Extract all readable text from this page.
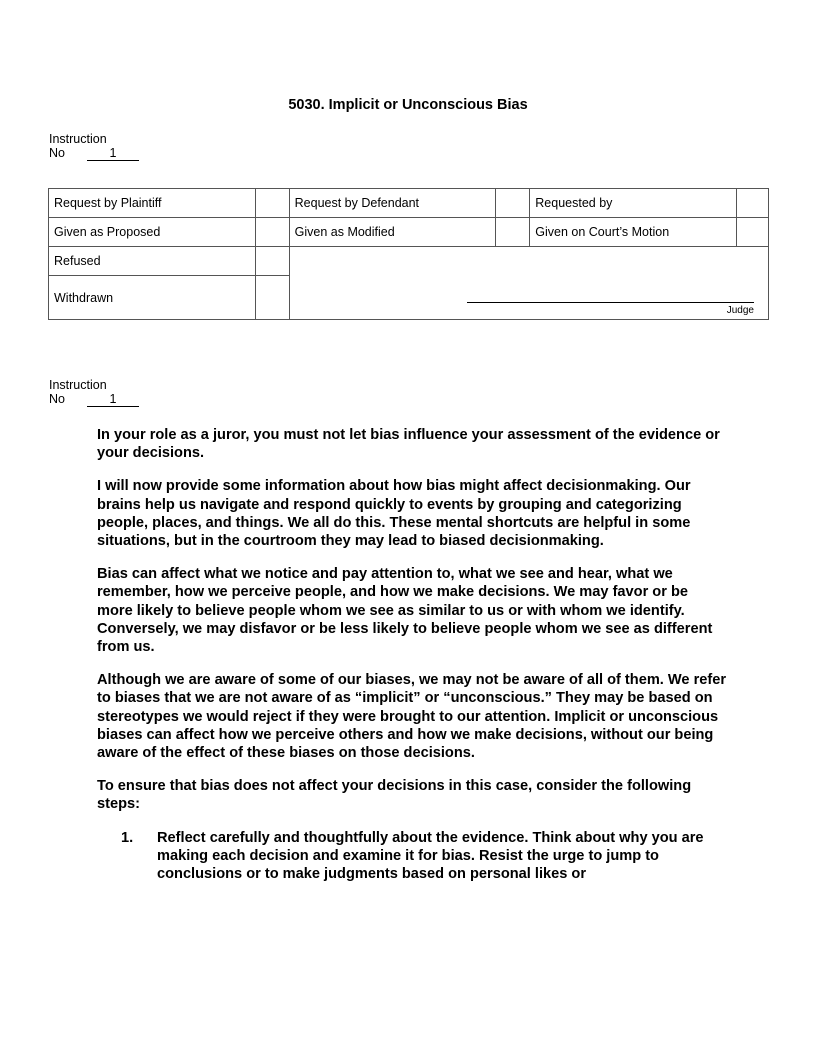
5030. Implicit or Unconscious Bias
Instruction
No	1
Request by Plaintiff		Request by Defendant		Requested by	
Given as Proposed		Given as Modified		Given on Court’s Motion	
Refused		Judge			

Withdrawn					
Instruction
No	1

In your role as a juror, you must not let bias influence your assessment of the evidence or your decisions.

I will now provide some information about how bias might affect decisionmaking. Our brains help us navigate and respond quickly to events by grouping and categorizing people, places, and things. We all do this. These mental shortcuts are helpful in some situations, but in the courtroom they may lead to biased decisionmaking.

Bias can affect what we notice and pay attention to, what we see and hear, what we remember, how we perceive people, and how we make decisions. We may favor or be more likely to believe people whom we see as similar to us or with whom we identify. Conversely, we may disfavor or be less likely to believe people whom we see as different from us.

Although we are aware of some of our biases, we may not be aware of all of them. We refer to biases that we are not aware of as “implicit” or “unconscious.” They may be based on stereotypes we would reject if they were brought to our attention. Implicit or unconscious biases can affect how we perceive others and how we make decisions, without our being aware of the effect of these biases on those decisions.

To ensure that bias does not affect your decisions in this case, consider the following steps:

1.	Reflect carefully and thoughtfully about the evidence. Think about why you are making each decision and examine it for bias. Resist the urge to jump to conclusions or to make judgments based on personal likes or
